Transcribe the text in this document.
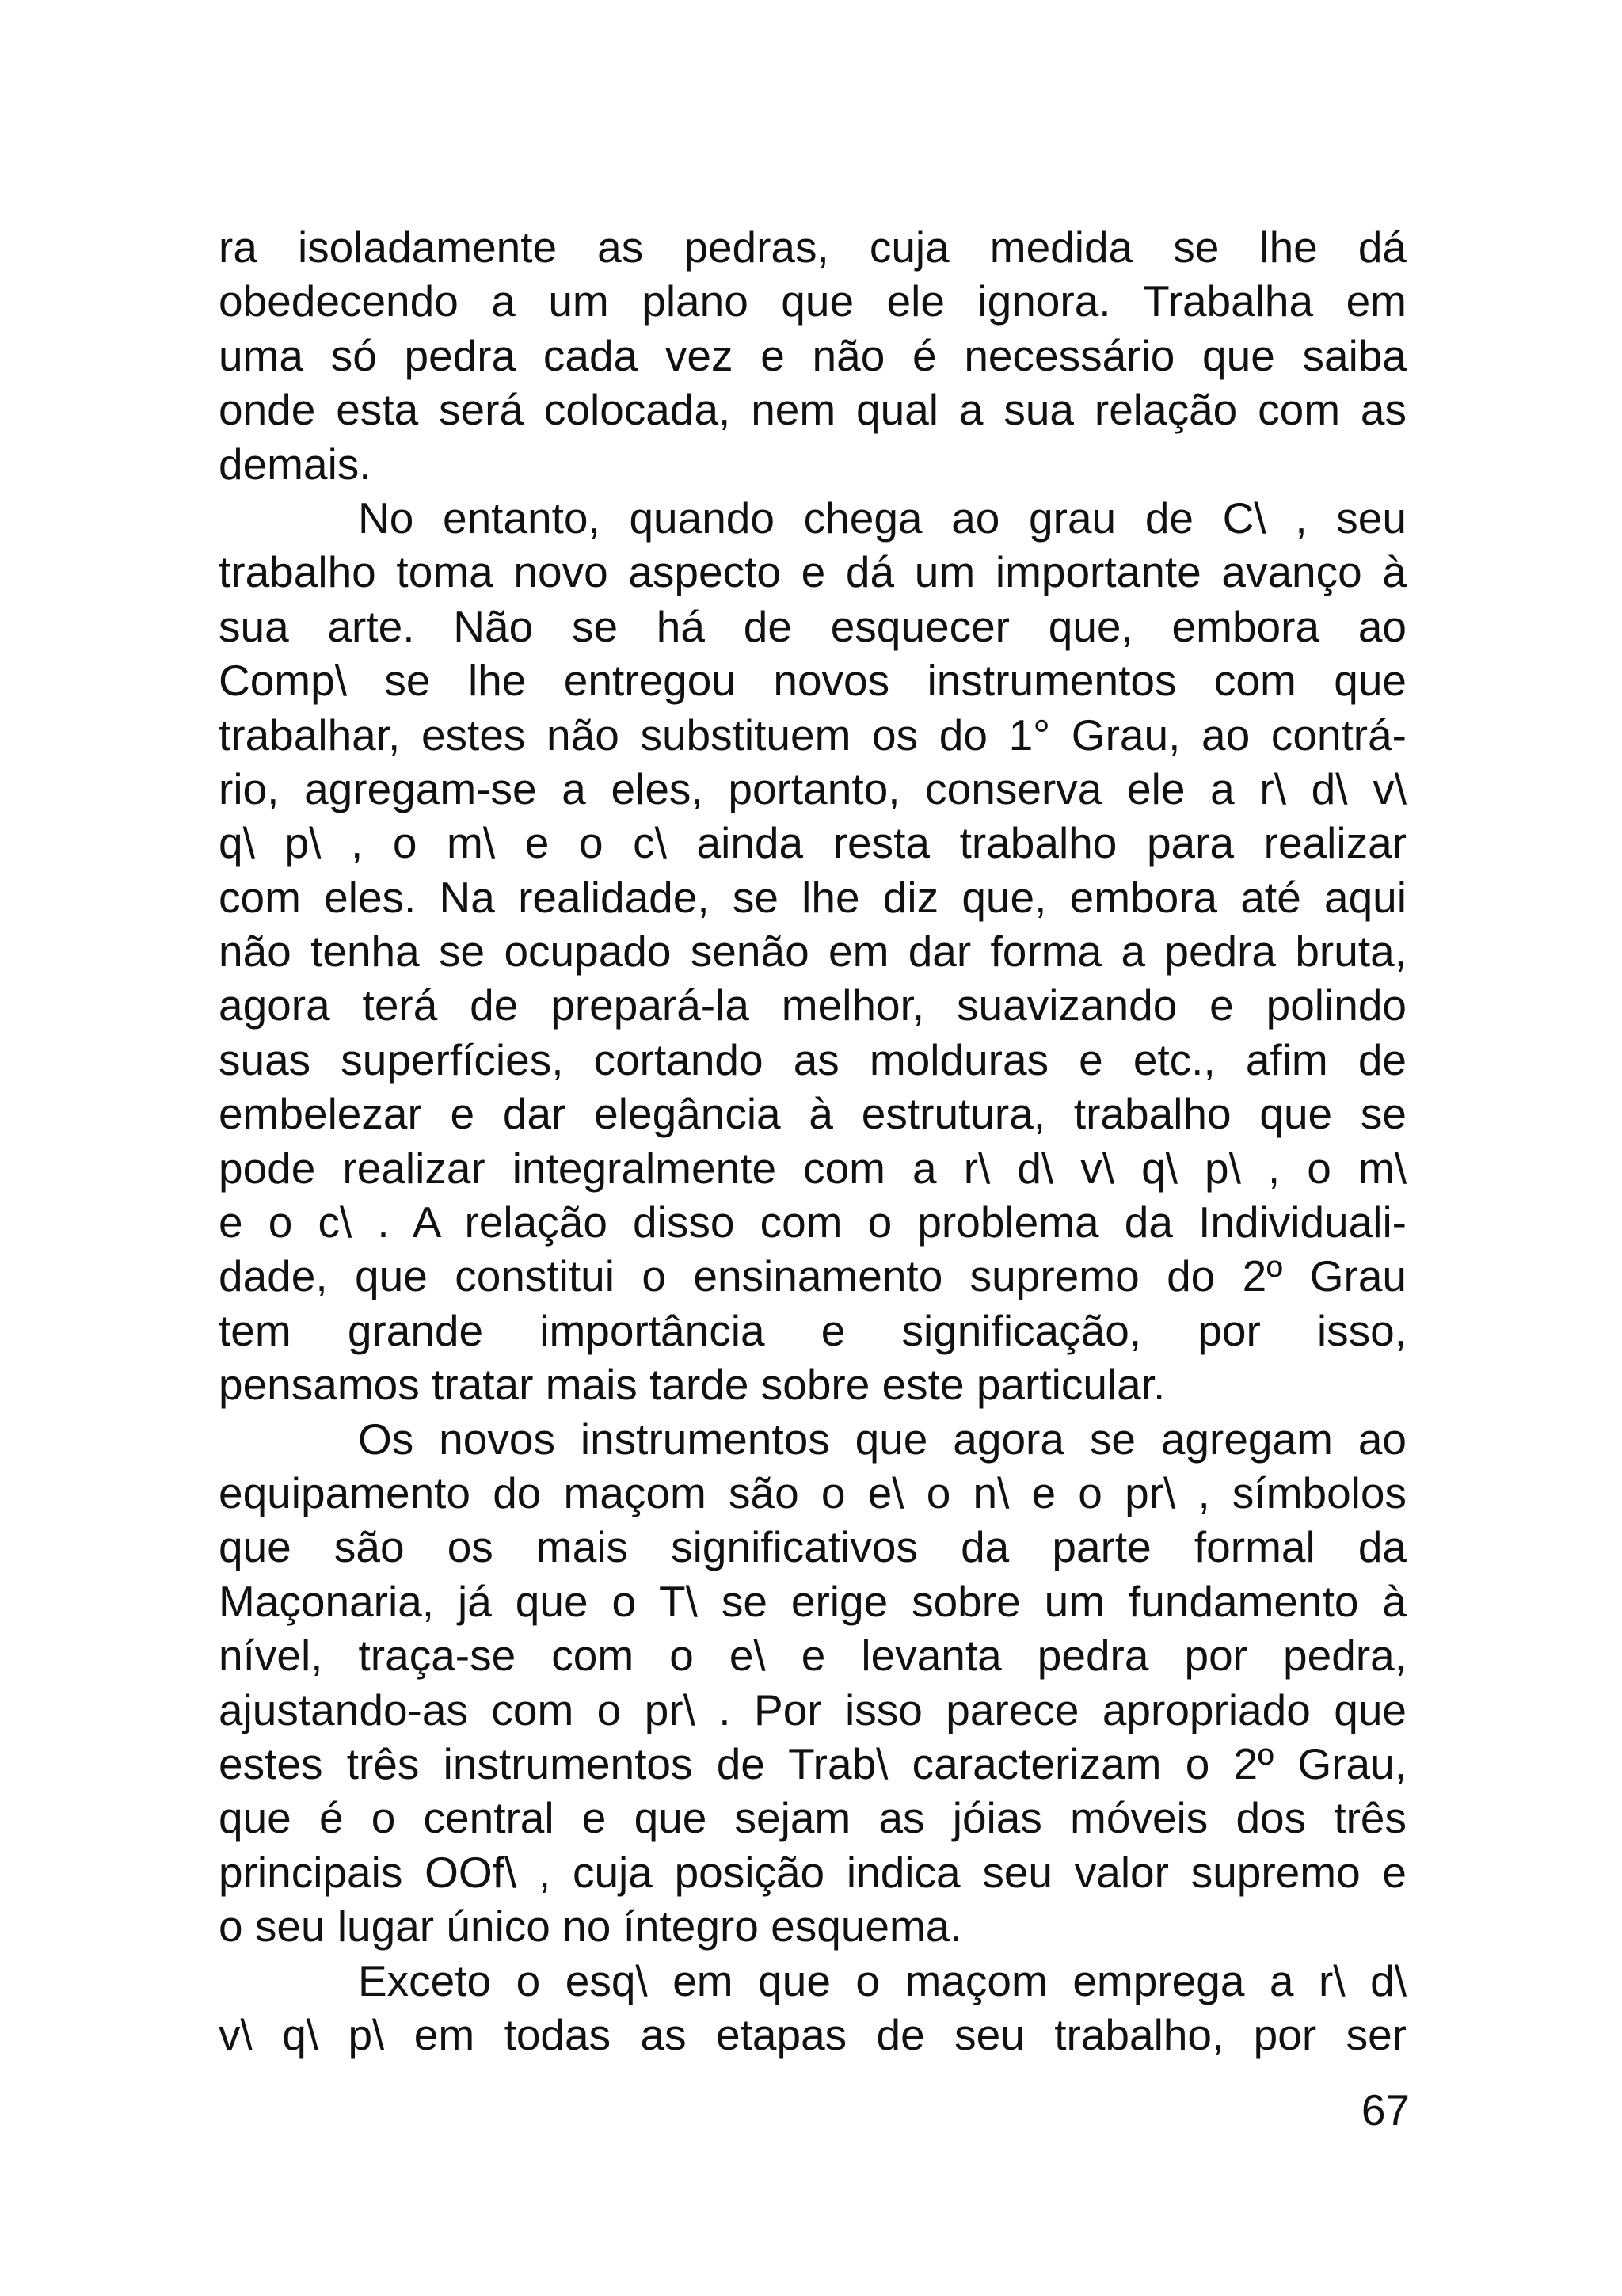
ra isoladamente as pedras, cuja medida se lhe dá
obedecendo a um plano que ele ignora. Trabalha em
uma só pedra cada vez e não é necessário que saiba
onde esta será colocada, nem qual a sua relação com as
demais.
No entanto, quando chega ao grau de C\ , seu
trabalho toma novo aspecto e dá um importante avanço à
sua arte. Não se há de esquecer que, embora ao
Comp\ se lhe entregou novos instrumentos com que
trabalhar, estes não substituem os do 1° Grau, ao contrá-
rio, agregam-se a eles, portanto, conserva ele a r\ d\ v\
q\ p\ , o m\ e o c\ ainda resta trabalho para realizar
com eles. Na realidade, se lhe diz que, embora até aqui
não tenha se ocupado senão em dar forma a pedra bruta,
agora terá de prepará-la melhor, suavizando e polindo
suas superfícies, cortando as molduras e etc., afim de
embelezar e dar elegância à estrutura, trabalho que se
pode realizar integralmente com a r\ d\ v\ q\ p\ , o m\
e o c\ . A relação disso com o problema da Individuali-
dade, que constitui o ensinamento supremo do 2º Grau
tem grande importância e significação, por isso,
pensamos tratar mais tarde sobre este particular.
Os novos instrumentos que agora se agregam ao
equipamento do maçom são o e\ o n\ e o pr\ , símbolos
que são os mais significativos da parte formal da
Maçonaria, já que o T\ se erige sobre um fundamento à
nível, traça-se com o e\ e levanta pedra por pedra,
ajustando-as com o pr\ . Por isso parece apropriado que
estes três instrumentos de Trab\ caracterizam o 2º Grau,
que é o central e que sejam as jóias móveis dos três
principais OOf\ , cuja posição indica seu valor supremo e
o seu lugar único no íntegro esquema.
Exceto o esq\ em que o maçom emprega a r\ d\
v\ q\ p\ em todas as etapas de seu trabalho, por ser
67
